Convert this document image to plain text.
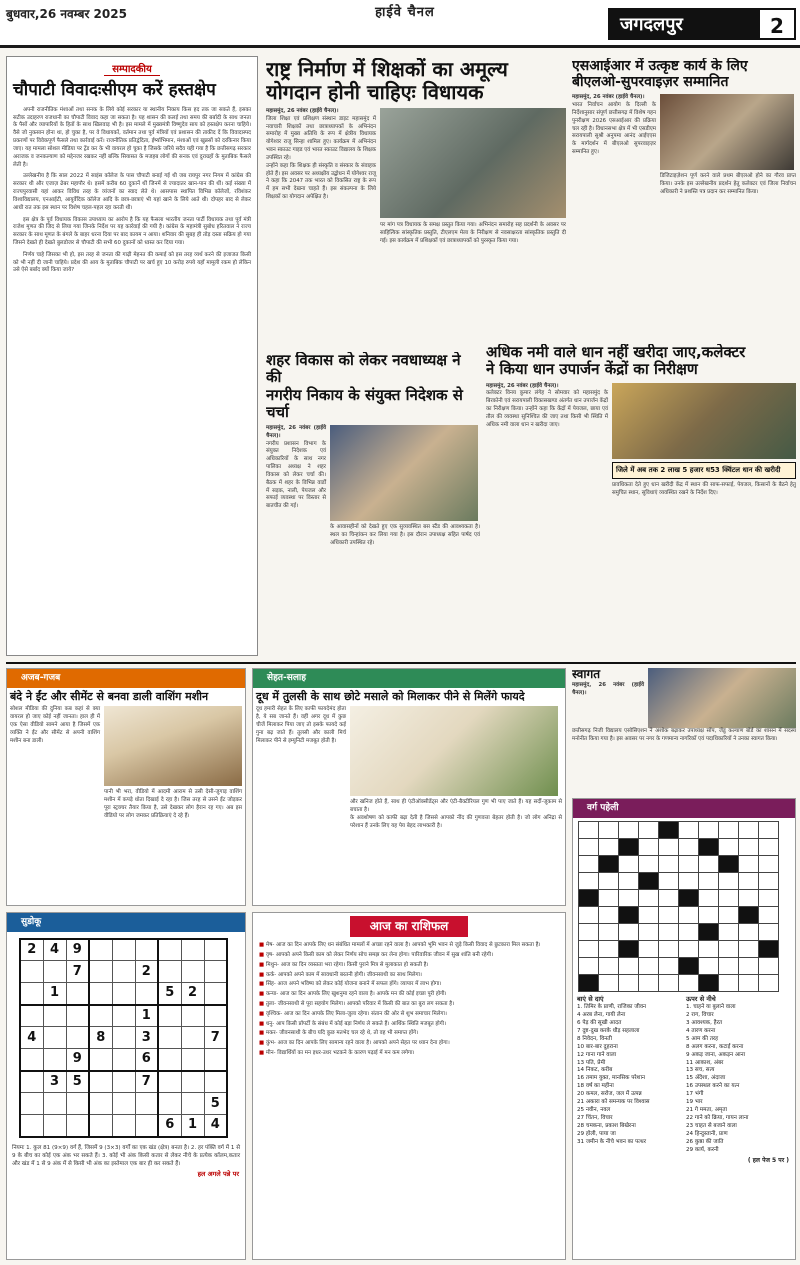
बुधवार,26 नवम्बर 2025	हाईवे चैनल
जगदलपुर	2
सम्पादकीय
चौपाटी विवादःसीएम करें हस्तक्षेप
अपनी राजनीतिक मंशाओं तथा सनक के लिये कोई सरकार या स्थानीय निकाय किस हद तक जा सकते हैं, इसका सटीक उदाहरण राजधानी का चौपाटी विवाद कहा जा सकता है। यह शासन की कलई तथा समय की बर्बादी के साथ जनता के पैसों और व्यापारियों के हितों के साथ खिलवाड़ भी है। इस मामले में मुख्यमंत्री विष्णुदेव साय को हस्तक्षेप करना चाहिये। वैसे जो नुकसान होना था, हो चुका है, पर वे विधायकों, वर्तमान तथा पूर्व मंत्रियों एवं प्रशासन की ताकीद दें कि विवादास्पद प्रकरणों पर विवेकपूर्ण फैसले तथा कार्रवाई करें। राजनीतिक प्रतिद्वंदिता, ईर्ष्याभिमान, मंशाओं एवं खुन्नसों को दरकिनार किया जाए। यह मामला सोशल मीडिया पर ट्रेंड कर के भी वायरल हो चुका है जिसके जरिये सदैव यही गया है कि छत्तीसगढ़ सरकार अराजक व जनकल्याण को मद्देनजर रखकर नहीं बल्कि सियासत के मजहब लोगों की सनक एवं दुराग्रहों के मुताबिक फैसले लेती है।
उल्लेखनीय है कि साल 2022 में साइंस कॉलेज के पास चौपाटी बनाई गई थी जब रायपुर नगर निगम में कांग्रेस की सरकार थी और एजाज़ ढेबर महापौर थे। इसमें करीब 60 दुकानें थीं जिनमें से ज्यादातर खान-पान की थीं। कई संख्या में राज्यपुरवासी यहां आकर विविध तरह के व्यंजनों का स्वाद लेते थे। आसपास स्थापित विभिन्न कॉलेजों, रविशंकर विश्वविद्यालय, एनआईटी, आयुर्वेदिक कॉलेज आदि के छात्र-छात्राएं भी यहां खाने के लिये आते थी। दोपहर बाद से लेकर आधी रात तक इस स्थान पर विशेष चहल-पहल रहा करती थी।
इस क्षेत्र के पूर्व विधायक विकास उपाध्याय का आरोप है कि यह फैसला भारतीय जनता पार्टी विधायक तथा पूर्व मंत्री राजेश मूणत की जिद से लिया गया जिनके निर्देश पर यह कार्रवाई की गयी है। कांग्रेस के महामंत्री सुबोध हरितवाल ने राज्य सरकार के साथ मूणत के बंगले के बाहर धरना दिया पर बाद कायम न आया। शनिवार की सुबह ही तोड़ दस्ता सक्रिय हो गया जिसने देखते ही देखते बुलडोजर से चौपाटी की सभी 60 दुकानों को ध्वस्त कर दिया गया।
निर्णय चाहे जिसका भी हो, इस तरह से जनता की गाढ़ी मेहनत की कमाई को इस तरह व्यर्थ करने की इजाजत किसी को भी नहीं दी जानी चाहिये। प्रदेश की आय के मुताबिक चौपाटी पर खर्च हुए 10 करोड़ रुपये यहाँ मामूली रकम हो लेकिन उसे ऐसे बर्बाद क्यों किया जाये?
राष्ट्र निर्माण में शिक्षकों का अमूल्य
योगदान होनी चाहिएः विधायक
महासमुंद, 26 नवंबर (हाईवे चैनल)।
जिला शिक्षा एवं प्रशिक्षण संस्थान डाइट महासमुंद में नवाचारी शिक्षकों तथा छात्राध्यापकों के अभिनंदन समारोह में मुख्य अतिथि के रूप में क्षेत्रीय विधायक योगेश्वर राजू सिन्हा शामिल हुए। कार्यक्रम में अभिनंदन भवन स्काउट गाइड एवं भारत स्काउट विद्यालय के शिक्षक उपस्थित रहे।
उन्होंने कहा कि शिक्षक ही संस्कृति व संस्कार के संवाहक होते हैं। इस अवसर पर अध्यक्षीय उद्बोधन में योगेश्वर राजू ने कहा कि 2047 तक भारत को विकसित राष्ट्र के रूप में हम सभी देखना चाहते हैं। इस संकल्पना के लिये शिक्षकों का योगदान अपेक्षित है।
पर मांग पत्र विधायक के समक्ष प्रस्तुत किया गया। अभिनंदन समारोह सह प्रदर्शनी के अवसर पर साहित्यिक सांस्कृतिक प्रस्तुति, टीएलएम मेला के निरीक्षण से नवसाक्षरता सांस्कृतिक प्रस्तुति दी गई। इस कार्यक्रम में प्रशिक्षकों एवं छात्राध्यापकों को पुरस्कृत किया गया।
एसआईआर में उत्कृष्ट कार्य के लिए
बीएलओ-सुपरवाइज़र सम्मानित
महासमुंद, 26 नवंबर (हाईवे चैनल)।
भारत निर्वाचन आयोग के दिल्ली के निर्देशानुसार संपूर्ण छत्तीसगढ़ में विशेष गहन पुनरीक्षण 2026 एसआईआर की प्रक्रिया चल रही है। विधानसभा क्षेत्र में भी एसडीएम सरायपाली सुश्री अनुपमा आनंद आईएएस के मार्गदर्शन में बीएलओ सुपरवाइज़र सम्मानित हुए।
डिजिटाइज़ेशन पूर्ण करने वाले प्रथम बीएलओ होने का गौरव प्राप्त किया। उनके इस उल्लेखनीय प्रदर्शन हेतु कलेक्टर एवं जिला निर्वाचन अधिकारी ने प्रशस्ति पत्र प्रदान कर सम्मानित किया।
शहर विकास को लेकर नवधाध्यक्ष ने की
नगरीय निकाय के संयुक्त निदेशक से चर्चा
महासमुंद, 26 नवंबर (हाईवे चैनल)।
नगरीय प्रशासन विभाग के संयुक्त निदेशक एवं अधिकारियों के साथ नगर पालिका अध्यक्ष ने शहर विकास को लेकर चर्चा की। बैठक में शहर के विभिन्न वार्डों में सड़क, नाली, पेयजल और सफाई व्यवस्था पर विस्तार से बातचीत की गई।
के आवासहीनों को देखते हुए एक सुव्यवस्थित बस स्टैंड की आवश्यकता है। स्थल का चिन्हांकन कर लिया गया है। इस दौरान उपाध्यक्ष सहित पार्षद एवं अधिकारी उपस्थित रहे।
अधिक नमी वाले धान नहीं खरीदा जाए,कलेक्टर
ने किया धान उपार्जन केंद्रों का निरीक्षण
महासमुंद, 26 नवंबर (हाईवे चैनल)।
कलेक्टर विनय कुमार लंगेह ने सोमवार को महासमुंद के बिरकोनी एवं सरायपाली विकासखण्ड अंतर्गत धान उपार्जन केंद्रों का निरीक्षण किया। उन्होंने कहा कि केंद्रों में पेयजल, छाया एवं तौल की व्यवस्था सुनिश्चित की जाए तथा किसी भी स्थिति में अधिक नमी वाला धान न खरीदा जाए।
जिले में अब तक 2 लाख 5 हजार ध53 क्विंटल धान की खरीदी
प्रावधिकता देते हुए धान खरीदी केंद्र में स्थान की साफ-सफाई, पेयजल, किसानों के बैठने हेतु समुचित स्थान, सुविधाएं व्यवस्थित रखने के निर्देश दिए।
अजब-गजब
बंदे ने ईंट और सीमेंट से बनवा डाली वाशिंग मशीन
सोशल मीडिया की दुनिया कब कहां से क्या वायरल हो जाए कोई नहीं जानता। हाल ही में एक ऐसा वीडियो सामने आया है जिसमें एक व्यक्ति ने ईंट और सीमेंट से अपनी वाशिंग मशीन बना डाली।
पानी भी भरा, वीडियो में आदमी आराम से उसी देसी-जुगाड़ वाशिंग मशीन में कपड़े धोता दिखाई दे रहा है। जिस तरह से उसने ईंट जोड़कर पूरा स्ट्रक्चर तैयार किया है, उसे देखकर लोग हैरान रह गए। अब इस वीडियो पर लोग जमकर प्रतिक्रियाएं दे रहे हैं।
सेहत-सलाह
दूध में तुलसी के साथ छोटे मसाले को मिलाकर पीने से मिलेंगे फायदे
दूध हमारी सेहत के लिए काफी फायदेमंद होता है, ये सब जानते हैं। वहीं अगर दूध में कुछ चीजें मिलाकर पिया जाए तो इसके फायदे कई गुना बढ़ जाते हैं। तुलसी और काली मिर्च मिलाकर पीने से इम्युनिटी मजबूत होती है।
और खनिज होते हैं, साथ ही एंटीऑक्सीडेंट्स और एंटी-बैक्टीरियल गुण भी पाए जाते हैं। यह सर्दी-जुकाम से बचाता है।
के अवशोषण को काफी बढ़ा देती है जिससे आपको नींद की गुणवत्ता बेहतर होती है। जो लोग अनिद्रा से परेशान हैं उनके लिए यह पेय बेहद लाभकारी है।
स्वागत
महासमुंद, 26 नवंबर (हाईवे चैनल)।
छत्तीसगढ़ निजी विद्यालय एसोसिएशन ने अशोक बढ़ाकर उपाध्यक्ष सोंप, जेंडू कल्याण बोर्ड का शासन में सदस्य मनोनीत किया गया है। इस अवसर पर नगर के गणमान्य नागरिकों एवं पदाधिकारियों ने उनका स्वागत किया।
वर्ग पहेली

बाएं से दाएं
1. तिमिर के प्राणी, राजिका जीवन
4 अरब लेना, गायी लेना
6 पेड़ की सूखी आदत
7 दुष्ट-दुख करके धौड़ सहलाला
8 निवेदन, विनती
10 बार-बार दुहराना
12 गाना गाने वाला
13 पति, प्रेमी
14 निकट, करीब
16 तमाम युक्त, मानसिक परेशान
18 वर्ष का महीना
20 कमल, सरोज, जल में उत्पन्न
21 अकारा को समन्यक पर विश्वास
25 नवीन, नवल
27 चिंतन, विचार
28 चमकना, प्रकाश बिखेरना
29 होली, पाया जा
31 जमीन के नीचे भवन का पत्थर
ऊपर से नीचे
1. चाहने या बुलाने वाला
2 राग, विचार
3 आवश्यक, हैरत
4 तारण करना
5 आम की तरह
8 अलग करना, कटाई करना
9 अकड़ जाना, अकड़न आना
11 आकाश, अंबर
13 सच, सत्य
15 अँदेशा, अंदाजा
16 उपस्थल करने का यत्न
17 भंगी
19 भार
21 गे ममता, अमृता
22 गाने को क्रिया, गायन लाना
23 चाहत से बजाने वाला
24 हिन्दुस्तानी, प्राण
26 कुष्ठा की जाति
29 कार्य, करनी
( हल पेज 5 पर )
सुडोकू
2	4	9						
		7			2			
	1					5	2	
					1			
4			8		3			7
		9			6			
	3	5			7			
								5
						6	1	4
नियमः 1. कुल 81 (9×9) वर्ग हैं, जिसमें 9 (3×3) वर्गों का एक खंड (क्षेत्र) बनता है। 2. हर पंक्ति वर्ग में 1 से 9 के बीच का कोई एक अंक भर सकते हैं। 3. कोई भी अंक किसी कतार से लेकर नीचे के प्रत्येक कॉलम,कतार और खंड में 1 से 9 अंक में से किसी भी अंक का इस्तेमाल एक बार ही कर सकते हैं।
हल अगले पन्ने पर
आज का राशिफल
■ मेष- आज का दिन आपके लिए धन संबंधित मामलों में अच्छा रहने वाला है। आपको भूमि भवन से जुड़े किसी विवाद से छुटकारा मिल सकता है।
■ वृष- आपको अपने किसी काम को लेकर निर्णय सोच समझ कर लेना होगा। पारिवारिक जीवन में सुख शांति बनी रहेगी।
■ मिथुन- आज का दिन व्यस्तता भरा रहेगा। किसी पुराने मित्र से मुलाकात हो सकती है।
■ कर्क- आपको अपने काम में सावधानी बरतनी होगी। जीवनसाथी का साथ मिलेगा।
■ सिंह- आज अपने भविष्य को लेकर कोई योजना बनाने में सफल होंगे। व्यापार में लाभ होगा।
■ कन्या- आज का दिन आपके लिए खुशनुमा रहने वाला है। आपके मन की कोई इच्छा पूरी होगी।
■ तुला- जीवनसाथी से पूरा सहयोग मिलेगा। आपको परिवार में किसी की बात का बुरा लग सकता है।
■ वृश्चिक- आज का दिन आपके लिए मिला-जुला रहेगा। संतान की ओर से शुभ समाचार मिलेगा।
■ धनु- आप किसी प्रॉपर्टी के संबंध में कोई बड़ा निर्णय ले सकते हैं। आर्थिक स्थिति मजबूत होगी।
■ मकर- जीवनसाथी के बीच यदि कुछ मतभेद चल रहे थे, तो वह भी समाप्त होंगे।
■ कुंभ- आज का दिन आपके लिए सामान्य रहने वाला है। आपको अपने सेहत पर ध्यान देना होगा।
■ मीन- विद्यार्थियों का मन इधर-उधर भटकने के कारण पढ़ाई में मन कम लगेगा।
